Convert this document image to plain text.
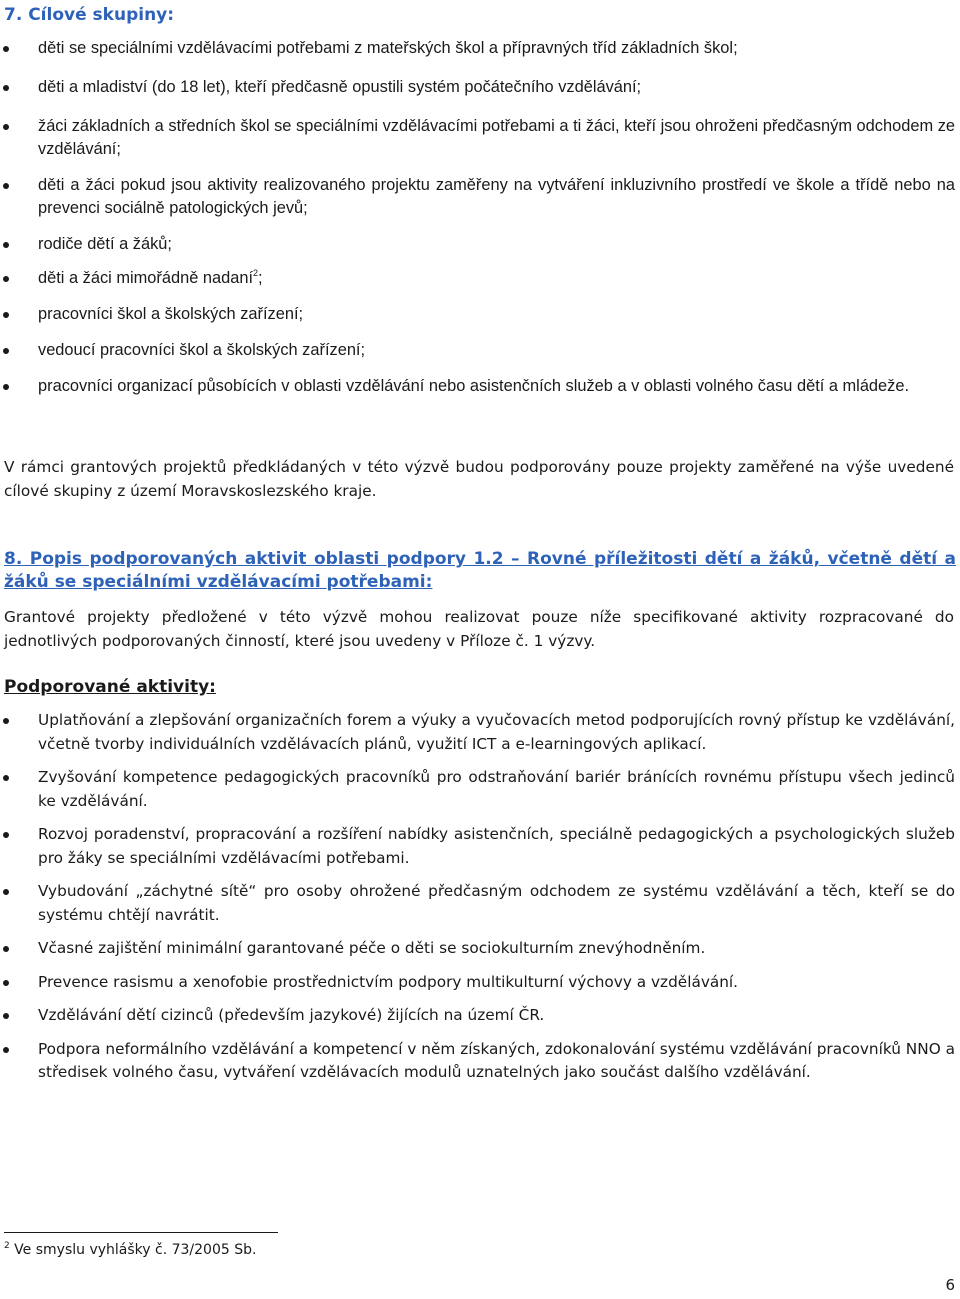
7. Cílové skupiny:
děti se speciálními vzdělávacími potřebami z mateřských škol a přípravných tříd základních škol;
děti a mladiství (do 18 let), kteří předčasně opustili systém počátečního vzdělávání;
žáci základních a středních škol se speciálními vzdělávacími potřebami a ti žáci, kteří jsou ohroženi předčasným odchodem ze vzdělávání;
děti a žáci pokud jsou aktivity realizovaného projektu zaměřeny na vytváření inkluzivního prostředí ve škole a třídě nebo na prevenci sociálně patologických jevů;
rodiče dětí a žáků;
děti a žáci mimořádně nadaní$^2$;
pracovníci škol a školských zařízení;
vedoucí pracovníci škol a školských zařízení;
pracovníci organizací působících v oblasti vzdělávání nebo asistenčních služeb a v oblasti volného času dětí a mládeže.

V rámci grantových projektů předkládaných v této výzvě budou podporovány pouze projekty zaměřené na výše uvedené cílové skupiny z území Moravskoslezského kraje.

8. Popis podporovaných aktivit oblasti podpory 1.2 – Rovné příležitosti dětí a žáků, včetně dětí a žáků se speciálními vzdělávacími potřebami:

Grantové projekty předložené v této výzvě mohou realizovat pouze níže specifikované aktivity rozpracované do jednotlivých podporovaných činností, které jsou uvedeny v Příloze č. 1 výzvy.

Podporované aktivity:
Uplatňování a zlepšování organizačních forem a výuky a vyučovacích metod podporujících rovný přístup ke vzdělávání, včetně tvorby individuálních vzdělávacích plánů, využití ICT a e-learningových aplikací.
Zvyšování kompetence pedagogických pracovníků pro odstraňování bariér bránících rovnému přístupu všech jedinců ke vzdělávání.
Rozvoj poradenství, propracování a rozšíření nabídky asistenčních, speciálně pedagogických a psychologických služeb pro žáky se speciálními vzdělávacími potřebami.
Vybudování „záchytné sítě“ pro osoby ohrožené předčasným odchodem ze systému vzdělávání a těch, kteří se do systému chtějí navrátit.
Včasné zajištění minimální garantované péče o děti se sociokulturním znevýhodněním.
Prevence rasismu a xenofobie prostřednictvím podpory multikulturní výchovy a vzdělávání.
Vzdělávání dětí cizinců (především jazykové) žijících na území ČR.
Podpora neformálního vzdělávání a kompetencí v něm získaných, zdokonalování systému vzdělávání pracovníků NNO a středisek volného času, vytváření vzdělávacích modulů uznatelných jako součást dalšího vzdělávání.

$^2$ Ve smyslu vyhlášky č. 73/2005 Sb.

6
